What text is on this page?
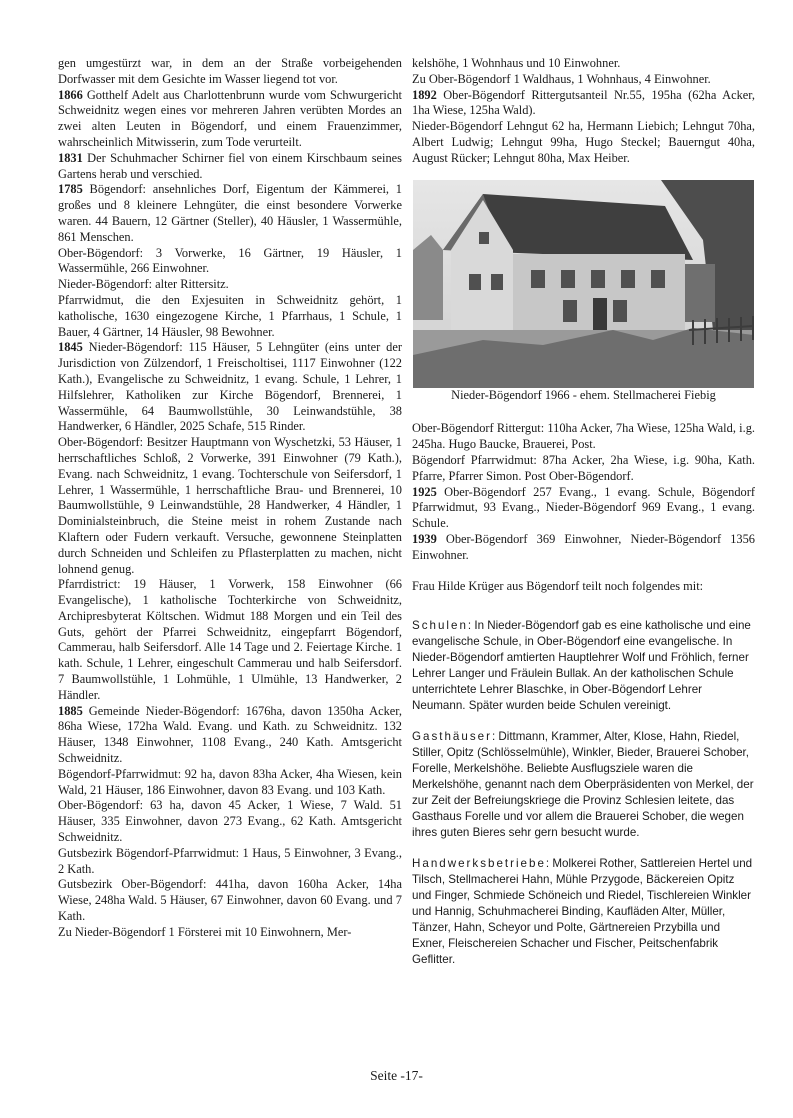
gen umgestürzt war, in dem an der Straße vorbeigehenden Dorfwasser mit dem Gesichte im Wasser liegend tot vor.

1866 Gotthelf Adelt aus Charlottenbrunn wurde vom Schwurgericht Schweidnitz wegen eines vor mehreren Jahren verübten Mordes an zwei alten Leuten in Bögendorf, und einem Frauenzimmer, wahrscheinlich Mitwisserin, zum Tode verurteilt.

1831 Der Schuhmacher Schirner fiel von einem Kirschbaum seines Gartens herab und verschied.

1785 Bögendorf: ansehnliches Dorf, Eigentum der Kämmerei, 1 großes und 8 kleinere Lehngüter, die einst besondere Vorwerke waren. 44 Bauern, 12 Gärtner (Steller), 40 Häusler, 1 Wassermühle, 861 Menschen.

Ober-Bögendorf: 3 Vorwerke, 16 Gärtner, 19 Häusler, 1 Wassermühle, 266 Einwohner.

Nieder-Bögendorf: alter Rittersitz.

Pfarrwidmut, die den Exjesuiten in Schweidnitz gehört, 1 katholische, 1630 eingezogene Kirche, 1 Pfarrhaus, 1 Schule, 1 Bauer, 4 Gärtner, 14 Häusler, 98 Bewohner.

1845 Nieder-Bögendorf: 115 Häuser, 5 Lehngüter (eins unter der Jurisdiction von Zülzendorf, 1 Freischoltisei, 1117 Einwohner (122 Kath.), Evangelische zu Schweidnitz, 1 evang. Schule, 1 Lehrer, 1 Hilfslehrer, Katholiken zur Kirche Bögendorf, Brennerei, 1 Wassermühle, 64 Baumwollstühle, 30 Leinwandstühle, 38 Handwerker, 6 Händler, 2025 Schafe, 515 Rinder.

Ober-Bögendorf: Besitzer Hauptmann von Wyschetzki, 53 Häuser, 1 herrschaftliches Schloß, 2 Vorwerke, 391 Einwohner (79 Kath.), Evang. nach Schweidnitz, 1 evang. Tochterschule von Seifersdorf, 1 Lehrer, 1 Wassermühle, 1 herrschaftliche Brau- und Brennerei, 10 Baumwollstühle, 9 Leinwandstühle, 28 Handwerker, 4 Händler, 1 Dominialsteinbruch, die Steine meist in rohem Zustande nach Klaftern oder Fudern verkauft. Versuche, gewonnene Steinplatten durch Schneiden und Schleifen zu Pflasterplatten zu machen, nicht lohnend genug.

Pfarrdistrict: 19 Häuser, 1 Vorwerk, 158 Einwohner (66 Evangelische), 1 katholische Tochterkirche von Schweidnitz, Archipresbyterat Költschen. Widmut 188 Morgen und ein Teil des Guts, gehört der Pfarrei Schweidnitz, eingepfarrt Bögendorf, Cammerau, halb Seifersdorf. Alle 14 Tage und 2. Feiertage Kirche. 1 kath. Schule, 1 Lehrer, eingeschult Cammerau und halb Seifersdorf. 7 Baumwollstühle, 1 Lohmühle, 1 Ulmühle, 13 Handwerker, 2 Händler.

1885 Gemeinde Nieder-Bögendorf: 1676ha, davon 1350ha Acker, 86ha Wiese, 172ha Wald. Evang. und Kath. zu Schweidnitz. 132 Häuser, 1348 Einwohner, 1108 Evang., 240 Kath. Amtsgericht Schweidnitz.

Bögendorf-Pfarrwidmut: 92 ha, davon 83ha Acker, 4ha Wiesen, kein Wald, 21 Häuser, 186 Einwohner, davon 83 Evang. und 103 Kath.

Ober-Bögendorf: 63 ha, davon 45 Acker, 1 Wiese, 7 Wald. 51 Häuser, 335 Einwohner, davon 273 Evang., 62 Kath. Amtsgericht Schweidnitz.

Gutsbezirk Bögendorf-Pfarrwidmut: 1 Haus, 5 Einwohner, 3 Evang., 2 Kath.

Gutsbezirk Ober-Bögendorf: 441ha, davon 160ha Acker, 14ha Wiese, 248ha Wald. 5 Häuser, 67 Einwohner, davon 60 Evang. und 7 Kath.

Zu Nieder-Bögendorf 1 Försterei mit 10 Einwohnern, Mer-

kelshöhe, 1 Wohnhaus und 10 Einwohner.

Zu Ober-Bögendorf 1 Waldhaus, 1 Wohnhaus, 4 Einwohner.

1892 Ober-Bögendorf Rittergutsanteil Nr.55, 195ha (62ha Acker, 1ha Wiese, 125ha Wald).

Nieder-Bögendorf Lehngut 62 ha, Hermann Liebich; Lehngut 70ha, Albert Ludwig; Lehngut 99ha, Hugo Steckel; Bauerngut 40ha, August Rücker; Lehngut 80ha, Max Heiber.

Nieder-Bögendorf 1966 - ehem. Stellmacherei Fiebig

Ober-Bögendorf Rittergut: 110ha Acker, 7ha Wiese, 125ha Wald, i.g. 245ha. Hugo Baucke, Brauerei, Post.

Bögendorf Pfarrwidmut: 87ha Acker, 2ha Wiese, i.g. 90ha, Kath. Pfarre, Pfarrer Simon. Post Ober-Bögendorf.

1925 Ober-Bögendorf 257 Evang., 1 evang. Schule, Bögendorf Pfarrwidmut, 93 Evang., Nieder-Bögendorf 969 Evang., 1 evang. Schule.

1939 Ober-Bögendorf 369 Einwohner, Nieder-Bögendorf 1356 Einwohner.

Frau Hilde Krüger aus Bögendorf teilt noch folgendes mit:

Schulen: In Nieder-Bögendorf gab es eine katholische und eine evangelische Schule, in Ober-Bögendorf eine evangelische. In Nieder-Bögendorf amtierten Hauptlehrer Wolf und Fröhlich, ferner Lehrer Langer und Fräulein Bullak. An der katholischen Schule unterrichtete Lehrer Blaschke, in Ober-Bögendorf Lehrer Neumann. Später wurden beide Schulen vereinigt.

Gasthäuser: Dittmann, Krammer, Alter, Klose, Hahn, Riedel, Stiller, Opitz (Schlösselmühle), Winkler, Bieder, Brauerei Schober, Forelle, Merkelshöhe. Beliebte Ausflugsziele waren die Merkelshöhe, genannt nach dem Oberpräsidenten von Merkel, der zur Zeit der Befreiungskriege die Provinz Schlesien leitete, das Gasthaus Forelle und vor allem die Brauerei Schober, die wegen ihres guten Bieres sehr gern besucht wurde.

Handwerksbetriebe: Molkerei Rother, Sattlereien Hertel und Tilsch, Stellmacherei Hahn, Mühle Przygode, Bäckereien Opitz und Finger, Schmiede Schöneich und Riedel, Tischlereien Winkler und Hannig, Schuhmacherei Binding, Kaufläden Alter, Müller, Tänzer, Hahn, Scheyor und Polte, Gärtnereien Przybilla und Exner, Fleischereien Schacher und Fischer, Peitschenfabrik Geflitter.

Seite -17-
